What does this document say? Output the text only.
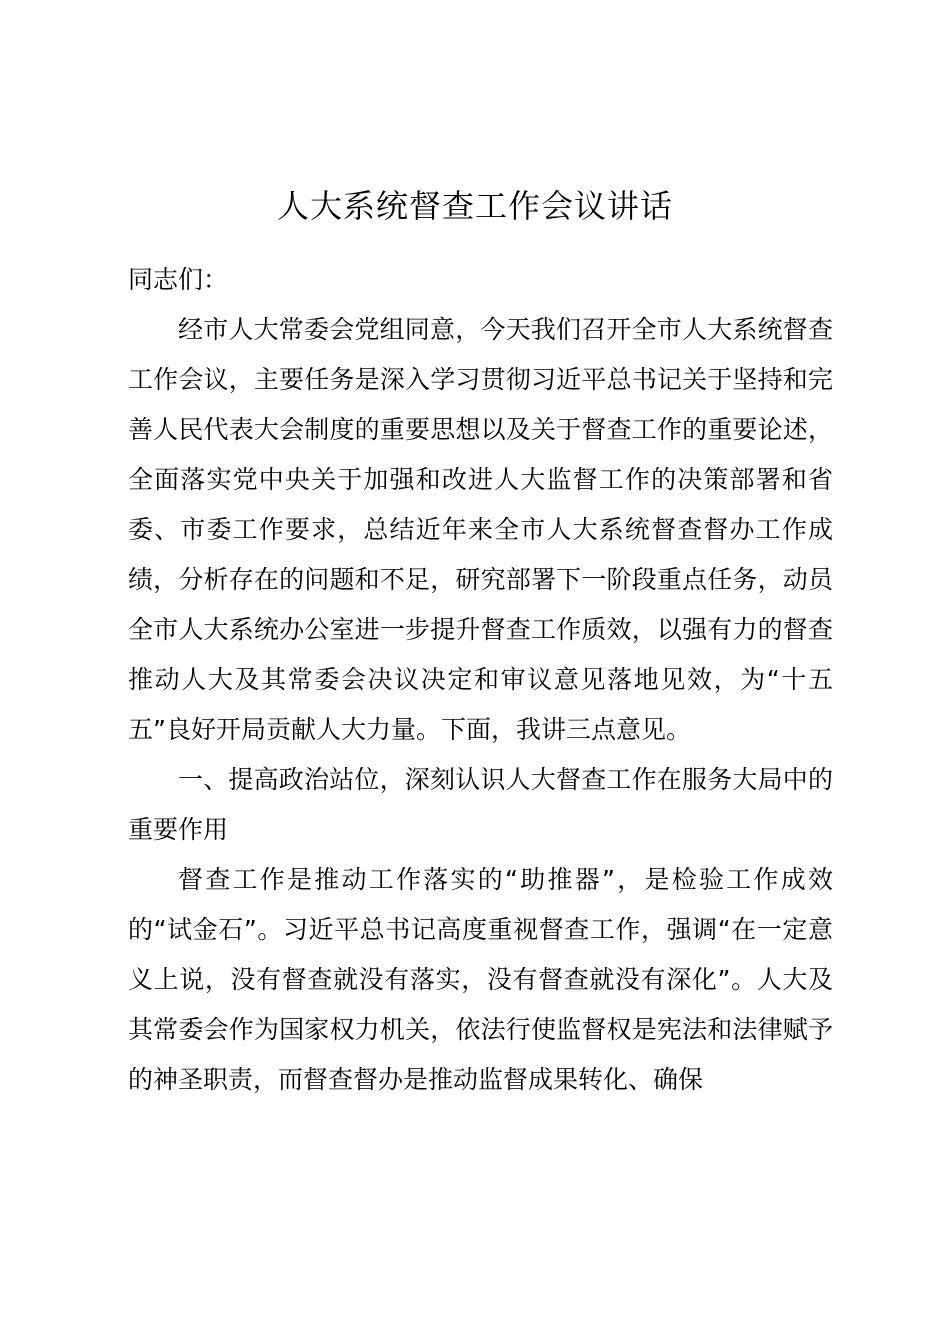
人大系统督查工作会议讲话

同志们：

经市人大常委会党组同意，今天我们召开全市人大系统督查工作会议，主要任务是深入学习贯彻习近平总书记关于坚持和完善人民代表大会制度的重要思想以及关于督查工作的重要论述，全面落实党中央关于加强和改进人大监督工作的决策部署和省委、市委工作要求，总结近年来全市人大系统督查督办工作成绩，分析存在的问题和不足，研究部署下一阶段重点任务，动员全市人大系统办公室进一步提升督查工作质效，以强有力的督查推动人大及其常委会决议决定和审议意见落地见效，为“十五五”良好开局贡献人大力量。下面，我讲三点意见。

一、提高政治站位，深刻认识人大督查工作在服务大局中的重要作用

督查工作是推动工作落实的“助推器”，是检验工作成效的“试金石”。习近平总书记高度重视督查工作，强调“在一定意义上说，没有督查就没有落实，没有督查就没有深化”。人大及其常委会作为国家权力机关，依法行使监督权是宪法和法律赋予的神圣职责，而督查督办是推动监督成果转化、确保
